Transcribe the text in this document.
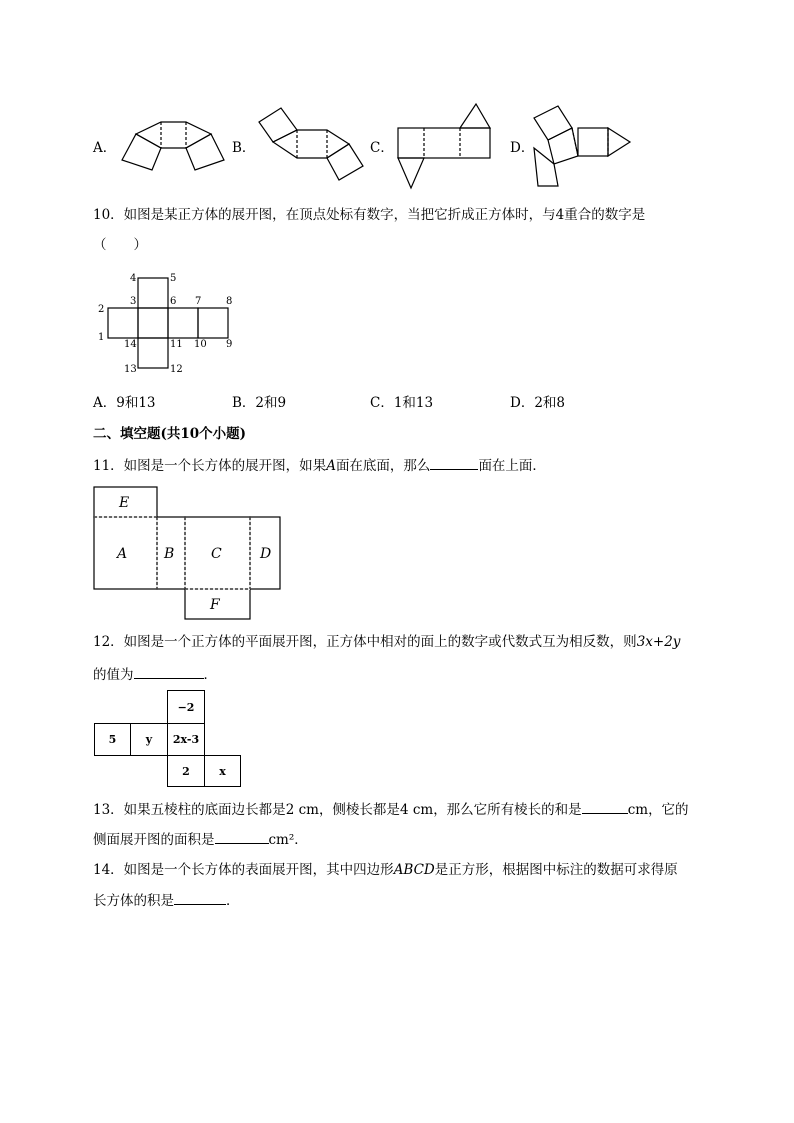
A．	B．	C．	D．
10．如图是某正方体的展开图，在顶点处标有数字，当把它折成正方体时，与4重合的数字是
（　　）
4	5
2
3	6 7 8
1
14	11 10 9
13	12
A．9和13	B．2和9	C．1和13	D．2和8
二、填空题(共10个小题)
11．如图是一个长方体的展开图，如果A面在底面，那么	面在上面．
E
A	B	C	D
F
12．如图是一个正方体的平面展开图，正方体中相对的面上的数字或代数式互为相反数，则3x+2y
的值为	．
−2
5	y	2x-3
2	x
13．如果五棱柱的底面边长都是2 cm，侧棱长都是4 cm，那么它所有棱长的和是	cm，它的
侧面展开图的面积是	cm²．
14．如图是一个长方体的表面展开图，其中四边形ABCD是正方形，根据图中标注的数据可求得原
长方体的积是	．
